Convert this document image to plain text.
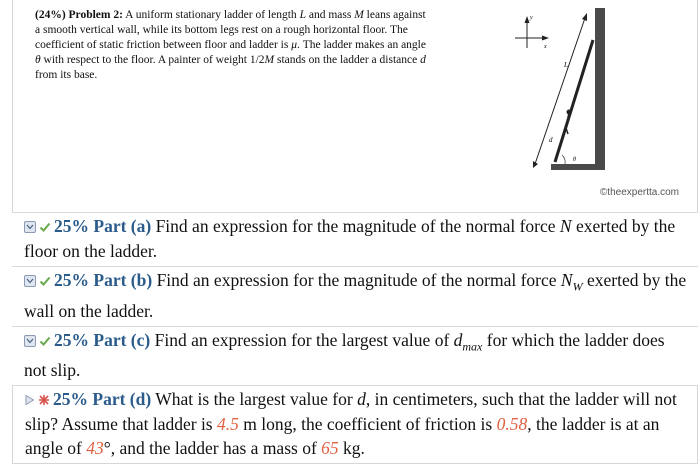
(24%) Problem 2: A uniform stationary ladder of length L and mass M leans against a smooth vertical wall, while its bottom legs rest on a rough horizontal floor. The coefficient of static friction between floor and ladder is μ. The ladder makes an angle θ with respect to the floor. A painter of weight 1/2M stands on the ladder a distance d from its base.
y
x
L
d
θ
©theexpertta.com
25% Part (a) Find an expression for the magnitude of the normal force N exerted by the floor on the ladder.
25% Part (b) Find an expression for the magnitude of the normal force $N_W$ exerted by the wall on the ladder.
25% Part (c) Find an expression for the largest value of $d_{max}$ for which the ladder does not slip.
25% Part (d) What is the largest value for d, in centimeters, such that the ladder will not slip? Assume that ladder is 4.5 m long, the coefficient of friction is 0.58, the ladder is at an angle of 43°, and the ladder has a mass of 65 kg.
